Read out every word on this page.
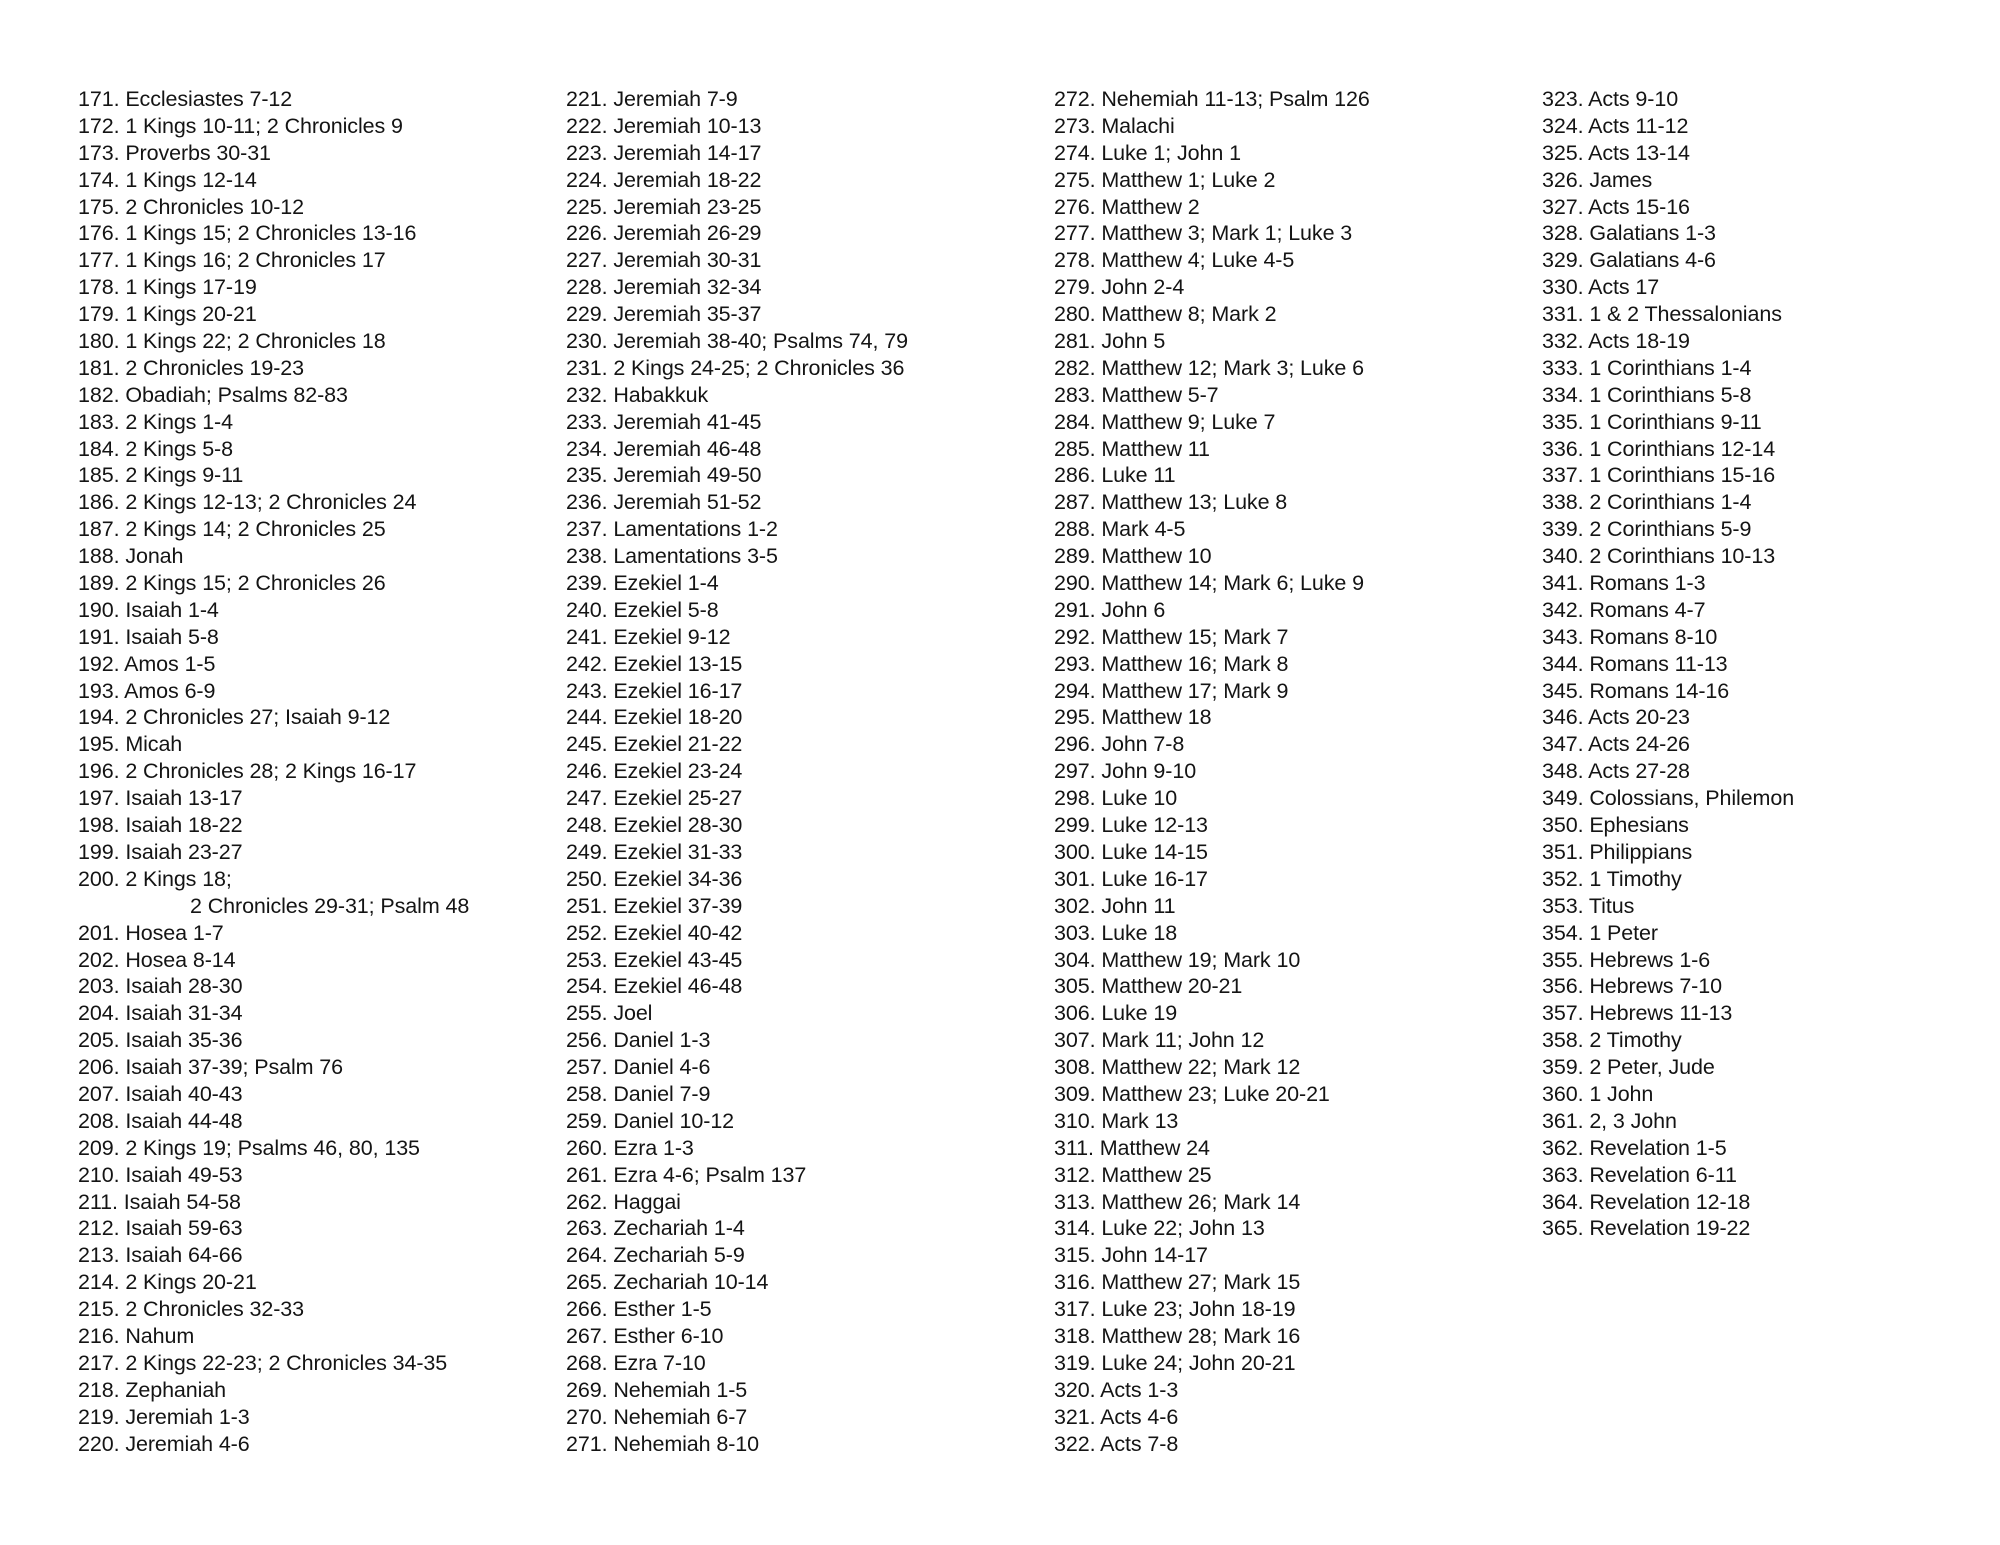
171. Ecclesiastes 7-12
172. 1 Kings 10-11; 2 Chronicles 9
173. Proverbs 30-31
174. 1 Kings 12-14
175. 2 Chronicles 10-12
176. 1 Kings 15; 2 Chronicles 13-16
177. 1 Kings 16; 2 Chronicles 17
178. 1 Kings 17-19
179. 1 Kings 20-21
180. 1 Kings 22; 2 Chronicles 18
181. 2 Chronicles 19-23
182. Obadiah; Psalms 82-83
183. 2 Kings 1-4
184. 2 Kings 5-8
185. 2 Kings 9-11
186. 2 Kings 12-13; 2 Chronicles 24
187. 2 Kings 14; 2 Chronicles 25
188. Jonah
189. 2 Kings 15; 2 Chronicles 26
190. Isaiah 1-4
191. Isaiah 5-8
192. Amos 1-5
193. Amos 6-9
194. 2 Chronicles 27; Isaiah 9-12
195. Micah
196. 2 Chronicles 28; 2 Kings 16-17
197. Isaiah 13-17
198. Isaiah 18-22
199. Isaiah 23-27
200. 2 Kings 18;
2 Chronicles 29-31; Psalm 48
201. Hosea 1-7
202. Hosea 8-14
203. Isaiah 28-30
204. Isaiah 31-34
205. Isaiah 35-36
206. Isaiah 37-39; Psalm 76
207. Isaiah 40-43
208. Isaiah 44-48
209. 2 Kings 19; Psalms 46, 80, 135
210. Isaiah 49-53
211. Isaiah 54-58
212. Isaiah 59-63
213. Isaiah 64-66
214. 2 Kings 20-21
215. 2 Chronicles 32-33
216. Nahum
217. 2 Kings 22-23; 2 Chronicles 34-35
218. Zephaniah
219. Jeremiah 1-3
220. Jeremiah 4-6
221. Jeremiah 7-9
222. Jeremiah 10-13
223. Jeremiah 14-17
224. Jeremiah 18-22
225. Jeremiah 23-25
226. Jeremiah 26-29
227. Jeremiah 30-31
228. Jeremiah 32-34
229. Jeremiah 35-37
230. Jeremiah 38-40; Psalms 74, 79
231. 2 Kings 24-25; 2 Chronicles 36
232. Habakkuk
233. Jeremiah 41-45
234. Jeremiah 46-48
235. Jeremiah 49-50
236. Jeremiah 51-52
237. Lamentations 1-2
238. Lamentations 3-5
239. Ezekiel 1-4
240. Ezekiel 5-8
241. Ezekiel 9-12
242. Ezekiel 13-15
243. Ezekiel 16-17
244. Ezekiel 18-20
245. Ezekiel 21-22
246. Ezekiel 23-24
247. Ezekiel 25-27
248. Ezekiel 28-30
249. Ezekiel 31-33
250. Ezekiel 34-36
251. Ezekiel 37-39
252. Ezekiel 40-42
253. Ezekiel 43-45
254. Ezekiel 46-48
255. Joel
256. Daniel 1-3
257. Daniel 4-6
258. Daniel 7-9
259. Daniel 10-12
260. Ezra 1-3
261. Ezra 4-6; Psalm 137
262. Haggai
263. Zechariah 1-4
264. Zechariah 5-9
265. Zechariah 10-14
266. Esther 1-5
267. Esther 6-10
268. Ezra 7-10
269. Nehemiah 1-5
270. Nehemiah 6-7
271. Nehemiah 8-10
272. Nehemiah 11-13; Psalm 126
273. Malachi
274. Luke 1; John 1
275. Matthew 1; Luke 2
276. Matthew 2
277. Matthew 3; Mark 1; Luke 3
278. Matthew 4; Luke 4-5
279. John 2-4
280. Matthew 8; Mark 2
281. John 5
282. Matthew 12; Mark 3; Luke 6
283. Matthew 5-7
284. Matthew 9; Luke 7
285. Matthew 11
286. Luke 11
287. Matthew 13; Luke 8
288. Mark 4-5
289. Matthew 10
290. Matthew 14; Mark 6; Luke 9
291. John 6
292. Matthew 15; Mark 7
293. Matthew 16; Mark 8
294. Matthew 17; Mark 9
295. Matthew 18
296. John 7-8
297. John 9-10
298. Luke 10
299. Luke 12-13
300. Luke 14-15
301. Luke 16-17
302. John 11
303. Luke 18
304. Matthew 19; Mark 10
305. Matthew 20-21
306. Luke 19
307. Mark 11; John 12
308. Matthew 22; Mark 12
309. Matthew 23; Luke 20-21
310. Mark 13
311. Matthew 24
312. Matthew 25
313. Matthew 26; Mark 14
314. Luke 22; John 13
315. John 14-17
316. Matthew 27; Mark 15
317. Luke 23; John 18-19
318. Matthew 28; Mark 16
319. Luke 24; John 20-21
320. Acts 1-3
321. Acts 4-6
322. Acts 7-8
323. Acts 9-10
324. Acts 11-12
325. Acts 13-14
326. James
327. Acts 15-16
328. Galatians 1-3
329. Galatians 4-6
330. Acts 17
331. 1 & 2 Thessalonians
332. Acts 18-19
333. 1 Corinthians 1-4
334. 1 Corinthians 5-8
335. 1 Corinthians 9-11
336. 1 Corinthians 12-14
337. 1 Corinthians 15-16
338. 2 Corinthians 1-4
339. 2 Corinthians 5-9
340. 2 Corinthians 10-13
341. Romans 1-3
342. Romans 4-7
343. Romans 8-10
344. Romans 11-13
345. Romans 14-16
346. Acts 20-23
347. Acts 24-26
348. Acts 27-28
349. Colossians, Philemon
350. Ephesians
351. Philippians
352. 1 Timothy
353. Titus
354. 1 Peter
355. Hebrews 1-6
356. Hebrews 7-10
357. Hebrews 11-13
358. 2 Timothy
359. 2 Peter, Jude
360. 1 John
361. 2, 3 John
362. Revelation 1-5
363. Revelation 6-11
364. Revelation 12-18
365. Revelation 19-22
